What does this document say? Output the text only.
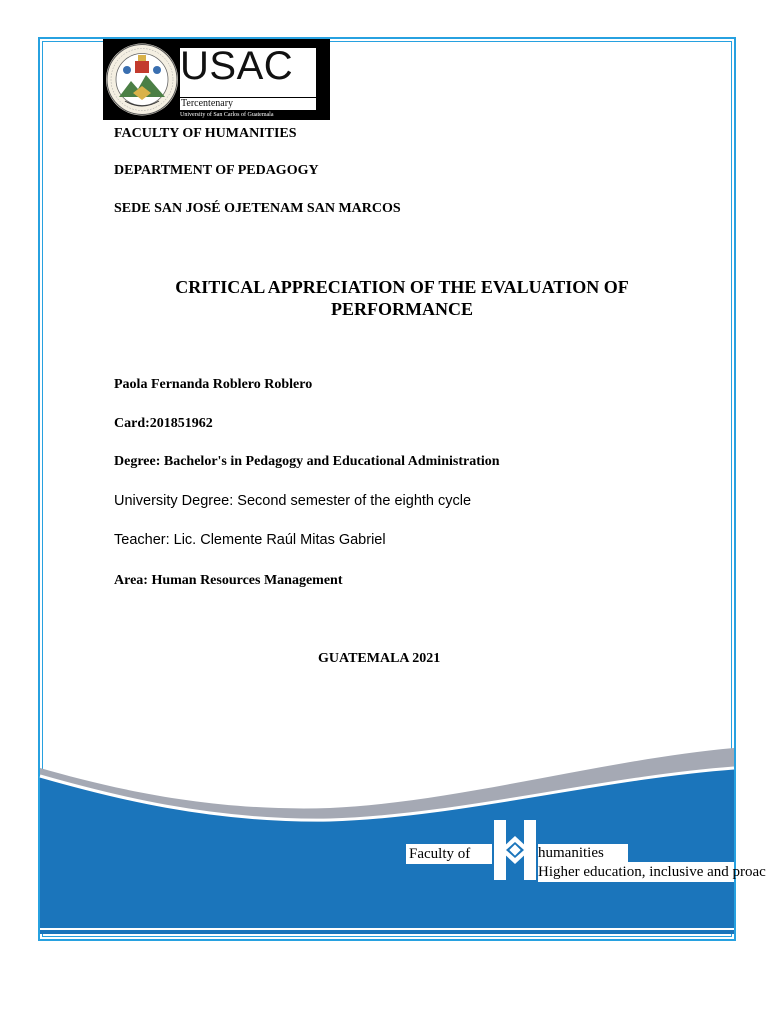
USAC
Tercentenary
University of San Carlos of Guatemala
FACULTY OF HUMANITIES
DEPARTMENT OF PEDAGOGY
SEDE SAN JOSÉ OJETENAM SAN MARCOS
CRITICAL APPRECIATION OF THE EVALUATION OF
PERFORMANCE
Paola Fernanda Roblero Roblero
Card:201851962
Degree: Bachelor's in Pedagogy and Educational Administration
University Degree: Second semester of the eighth cycle
Teacher: Lic. Clemente Raúl Mitas Gabriel
Area: Human Resources Management
GUATEMALA 2021
Faculty of	humanities
Higher education, inclusive and proac
